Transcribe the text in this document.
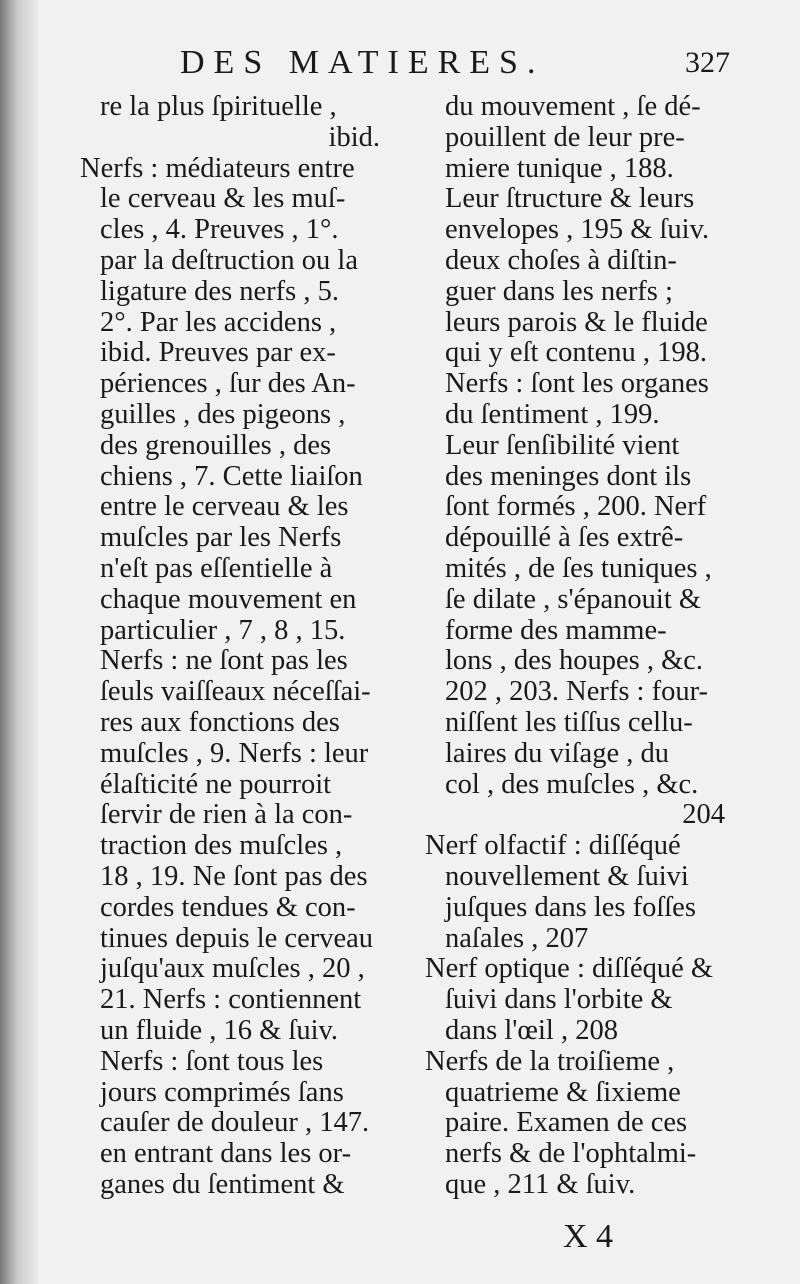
DES MATIERES.	327
re la plus ſpirituelle ,
ibid.
Nerfs : médiateurs entre
le cerveau & les muſ-
cles , 4. Preuves , 1°.
par la deſtruction ou la
ligature des nerfs , 5.
2°. Par les accidens ,
ibid. Preuves par ex-
périences , ſur des An-
guilles , des pigeons ,
des grenouilles , des
chiens , 7. Cette liaiſon
entre le cerveau & les
muſcles par les Nerfs
n'eſt pas eſſentielle à
chaque mouvement en
particulier , 7 , 8 , 15.
Nerfs : ne ſont pas les
ſeuls vaiſſeaux néceſſai-
res aux fonctions des
muſcles , 9. Nerfs : leur
élaſticité ne pourroit
ſervir de rien à la con-
traction des muſcles ,
18 , 19. Ne ſont pas des
cordes tendues & con-
tinues depuis le cerveau
juſqu'aux muſcles , 20 ,
21. Nerfs : contiennent
un fluide , 16 & ſuiv.
Nerfs : ſont tous les
jours comprimés ſans
cauſer de douleur , 147.
en entrant dans les or-
ganes du ſentiment &
du mouvement , ſe dé-
pouillent de leur pre-
miere tunique , 188.
Leur ſtructure & leurs
envelopes , 195 & ſuiv.
deux choſes à diſtin-
guer dans les nerfs ;
leurs parois & le fluide
qui y eſt contenu , 198.
Nerfs : ſont les organes
du ſentiment , 199.
Leur ſenſibilité vient
des meninges dont ils
ſont formés , 200. Nerf
dépouillé à ſes extrê-
mités , de ſes tuniques ,
ſe dilate , s'épanouit &
forme des mamme-
lons , des houpes , &c.
202 , 203. Nerfs : four-
niſſent les tiſſus cellu-
laires du viſage , du
col , des muſcles , &c.
204
Nerf olfactif : diſſéqué
nouvellement & ſuivi
juſques dans les foſſes
naſales , 207
Nerf optique : diſſéqué &
ſuivi dans l'orbite &
dans l'œil , 208
Nerfs de la troiſieme ,
quatrieme & ſixieme
paire. Examen de ces
nerfs & de l'ophtalmi-
que , 211 & ſuiv.
X 4
